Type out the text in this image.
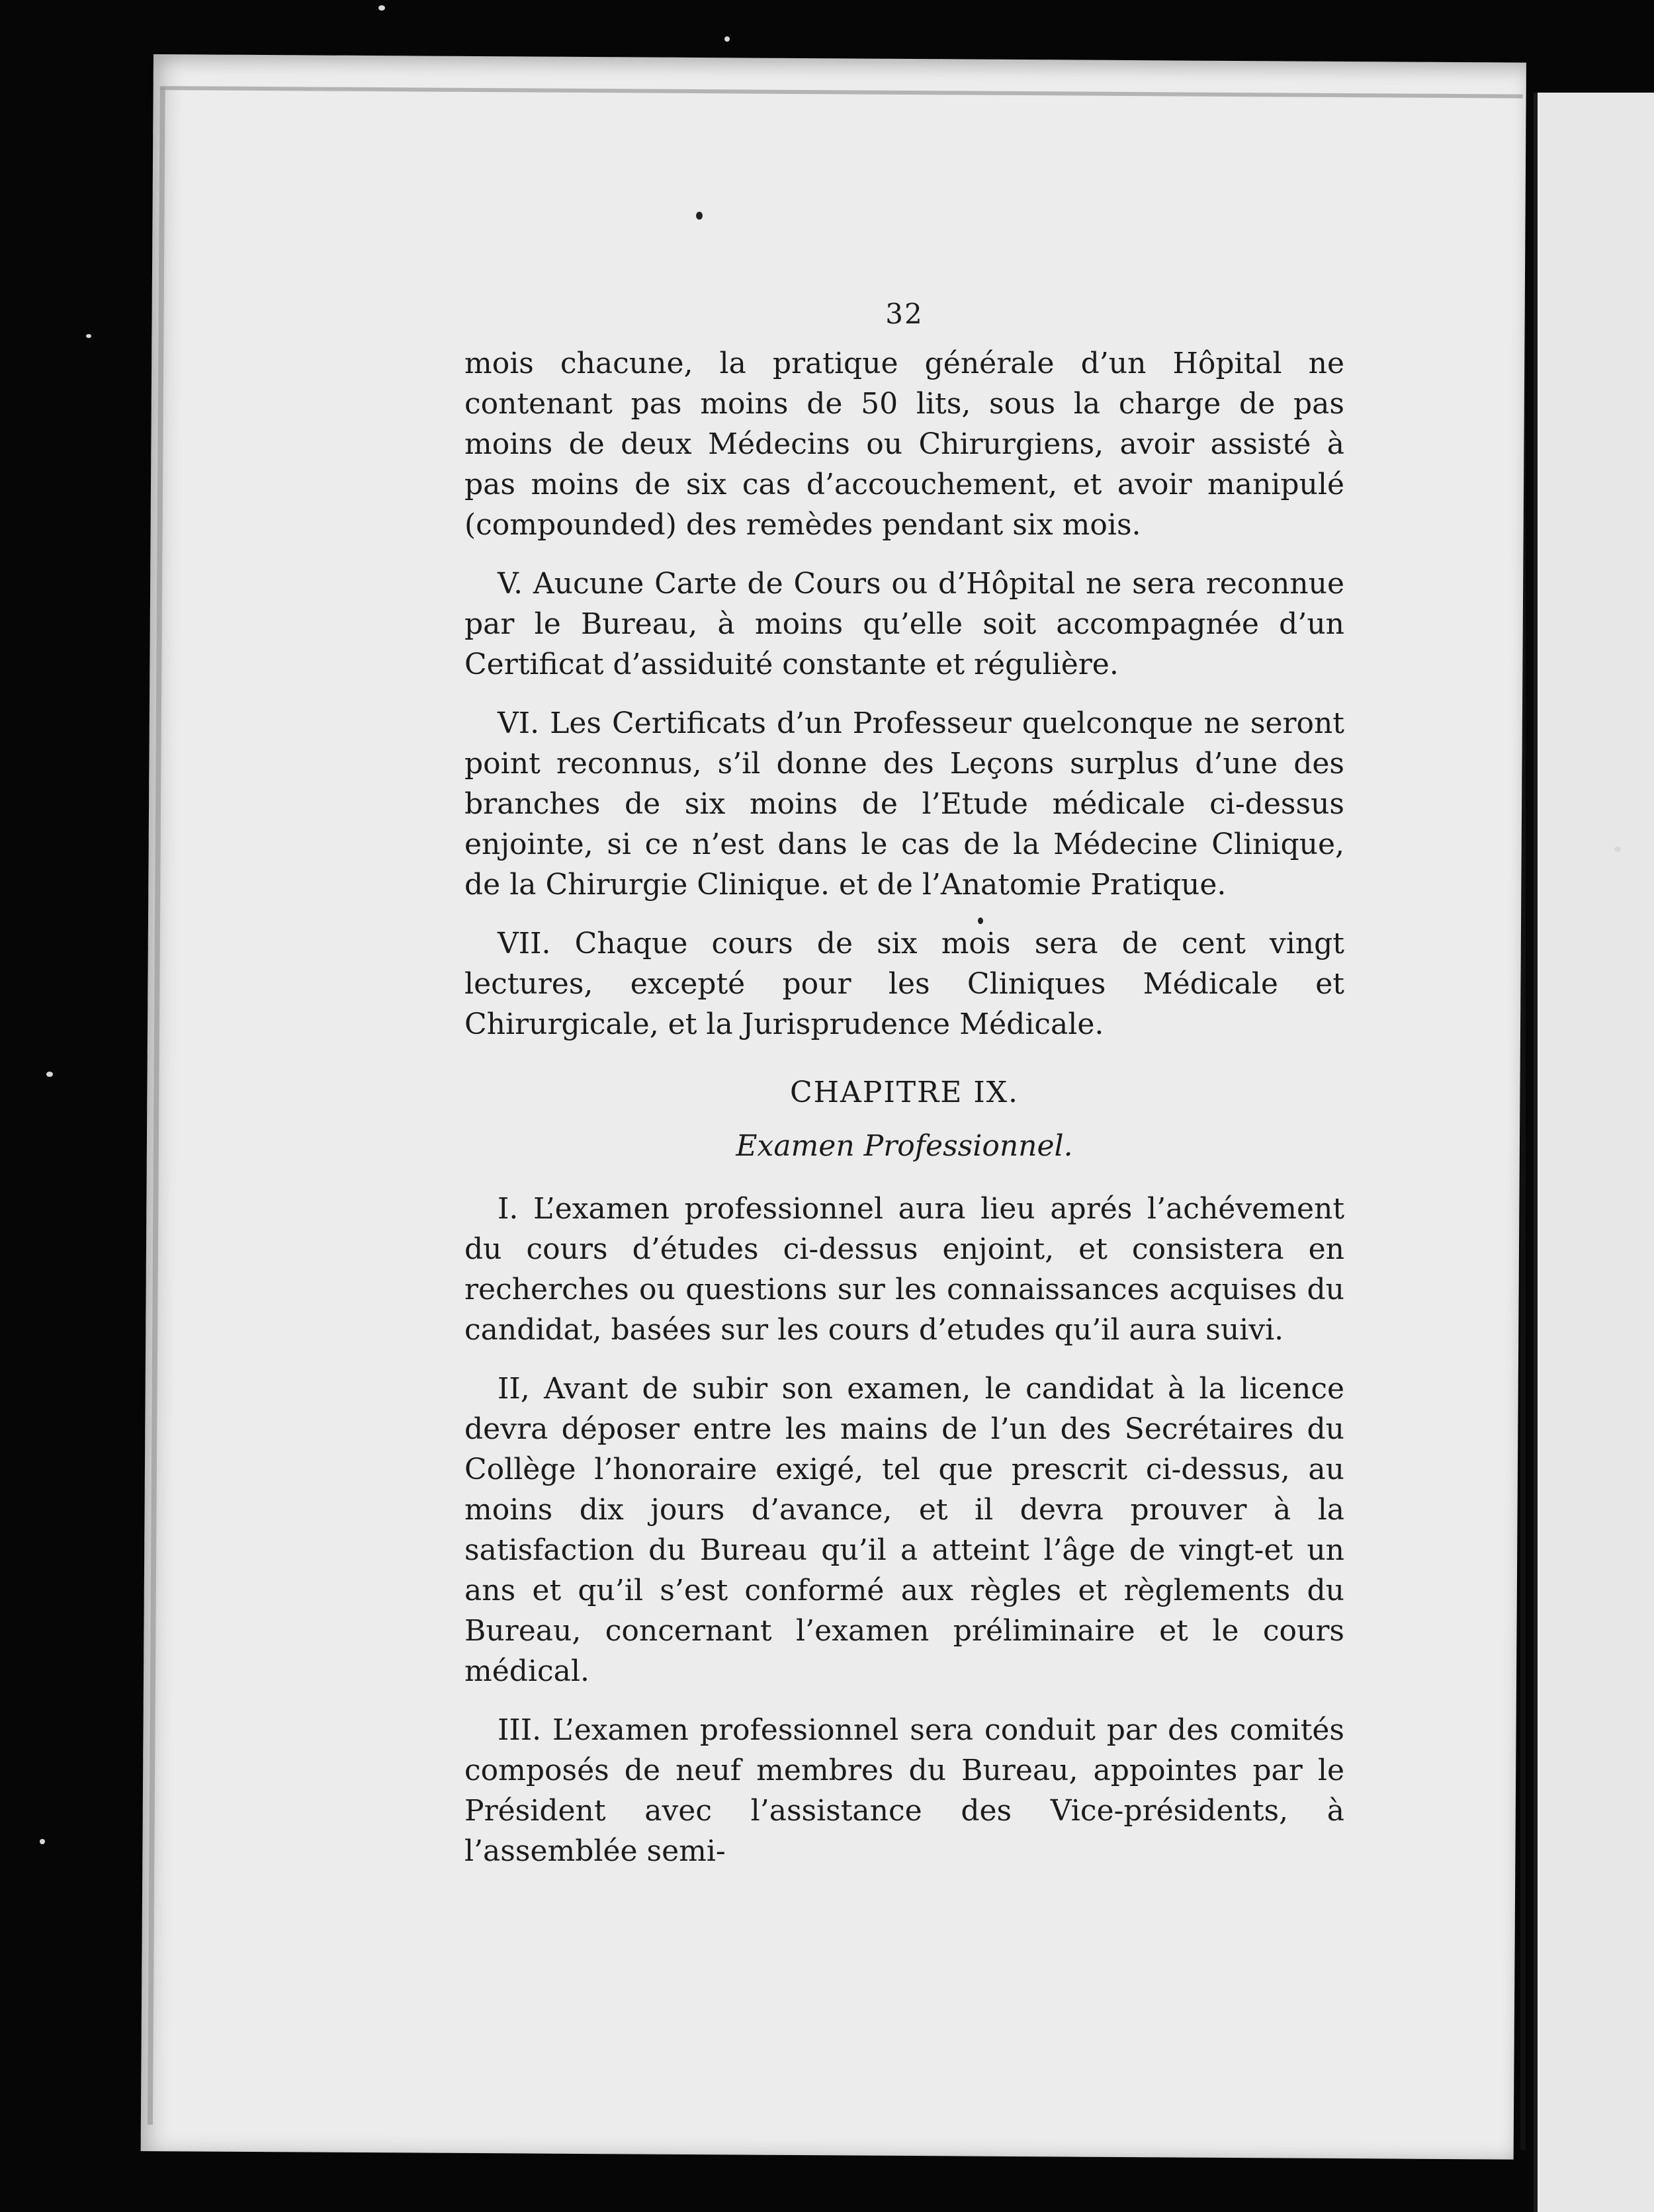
32

mois chacune, la pratique générale d’un Hôpital ne contenant pas moins de 50 lits, sous la charge de pas moins de deux Médecins ou Chirurgiens, avoir assisté à pas moins de six cas d’accouchement, et avoir manipulé (compounded) des remèdes pendant six mois.

V. Aucune Carte de Cours ou d’Hôpital ne sera reconnue par le Bureau, à moins qu’elle soit accompagnée d’un Certificat d’assiduité constante et régulière.

VI. Les Certificats d’un Professeur quelconque ne seront point reconnus, s’il donne des Leçons surplus d’une des branches de six moins de l’Etude médicale ci-dessus enjointe, si ce n’est dans le cas de la Médecine Clinique, de la Chirurgie Clinique. et de l’Anatomie Pratique.

VII. Chaque cours de six mois sera de cent vingt lectures, excepté pour les Cliniques Médicale et Chirurgicale, et la Jurisprudence Médicale.

CHAPITRE IX.
Examen Professionnel.

I. L’examen professionnel aura lieu aprés l’achévement du cours d’études ci-dessus enjoint, et consistera en recherches ou questions sur les connaissances acquises du candidat, basées sur les cours d’etudes qu’il aura suivi.

II, Avant de subir son examen, le candidat à la licence devra déposer entre les mains de l’un des Secrétaires du Collège l’honoraire exigé, tel que prescrit ci-dessus, au moins dix jours d’avance, et il devra prouver à la satisfaction du Bureau qu’il a atteint l’âge de vingt-et un ans et qu’il s’est conformé aux règles et règlements du Bureau, concernant l’examen préliminaire et le cours médical.

III. L’examen professionnel sera conduit par des comités composés de neuf membres du Bureau, appointes par le Président avec l’assistance des Vice-présidents, à l’assemblée semi-
